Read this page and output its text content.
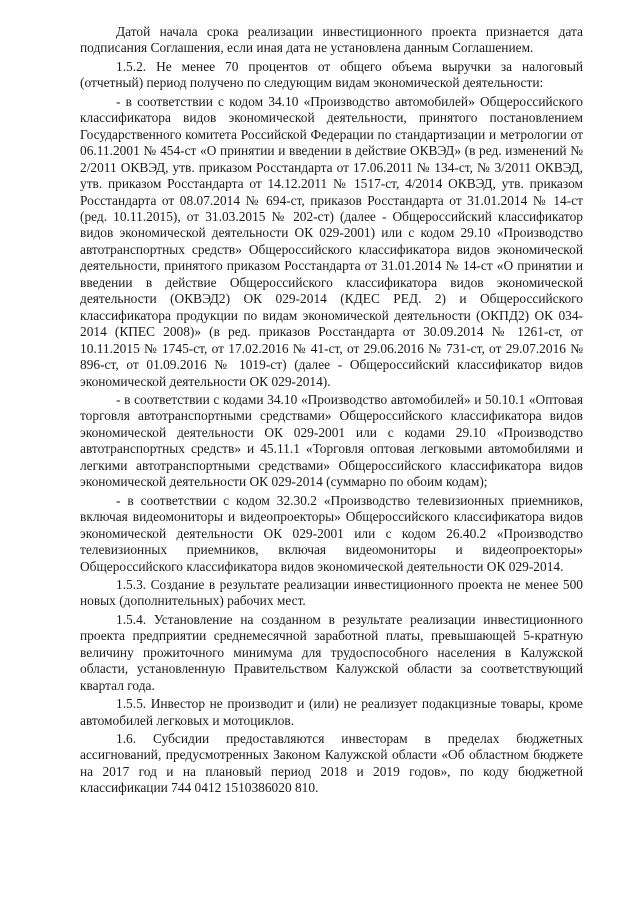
Датой начала срока реализации инвестиционного проекта признается дата подписания Соглашения, если иная дата не установлена данным Соглашением.

1.5.2. Не менее 70 процентов от общего объема выручки за налоговый (отчетный) период получено по следующим видам экономической деятельности:

- в соответствии с кодом 34.10 «Производство автомобилей» Общероссийского классификатора видов экономической деятельности, принятого постановлением Государственного комитета Российской Федерации по стандартизации и метрологии от 06.11.2001 № 454-ст «О принятии и введении в действие ОКВЭД» (в ред. изменений № 2/2011 ОКВЭД, утв. приказом Росстандарта от 17.06.2011 № 134-ст, № 3/2011 ОКВЭД, утв. приказом Росстандарта от 14.12.2011 № 1517-ст, 4/2014 ОКВЭД, утв. приказом Росстандарта от 08.07.2014 № 694-ст, приказов Росстандарта от 31.01.2014 № 14-ст (ред. 10.11.2015), от 31.03.2015 № 202-ст) (далее - Общероссийский классификатор видов экономической деятельности ОК 029-2001) или с кодом 29.10 «Производство автотранспортных средств» Общероссийского классификатора видов экономической деятельности, принятого приказом Росстандарта от 31.01.2014 № 14-ст «О принятии и введении в действие Общероссийского классификатора видов экономической деятельности (ОКВЭД2) ОК 029-2014 (КДЕС РЕД. 2) и Общероссийского классификатора продукции по видам экономической деятельности (ОКПД2) ОК 034-2014 (КПЕС 2008)» (в ред. приказов Росстандарта от 30.09.2014 № 1261-ст, от 10.11.2015 № 1745-ст, от 17.02.2016 № 41-ст, от 29.06.2016 № 731-ст, от 29.07.2016 № 896-ст, от 01.09.2016 № 1019-ст) (далее - Общероссийский классификатор видов экономической деятельности ОК 029-2014).

- в соответствии с кодами 34.10 «Производство автомобилей» и 50.10.1 «Оптовая торговля автотранспортными средствами» Общероссийского классификатора видов экономической деятельности ОК 029-2001 или с кодами 29.10 «Производство автотранспортных средств» и 45.11.1 «Торговля оптовая легковыми автомобилями и легкими автотранспортными средствами» Общероссийского классификатора видов экономической деятельности ОК 029-2014 (суммарно по обоим кодам);

- в соответствии с кодом 32.30.2 «Производство телевизионных приемников, включая видеомониторы и видеопроекторы» Общероссийского классификатора видов экономической деятельности ОК 029-2001 или с кодом 26.40.2 «Производство телевизионных приемников, включая видеомониторы и видеопроекторы» Общероссийского классификатора видов экономической деятельности ОК 029-2014.

1.5.3. Создание в результате реализации инвестиционного проекта не менее 500 новых (дополнительных) рабочих мест.

1.5.4. Установление на созданном в результате реализации инвестиционного проекта предприятии среднемесячной заработной платы, превышающей 5-кратную величину прожиточного минимума для трудоспособного населения в Калужской области, установленную Правительством Калужской области за соответствующий квартал года.

1.5.5. Инвестор не производит и (или) не реализует подакцизные товары, кроме автомобилей легковых и мотоциклов.

1.6. Субсидии предоставляются инвесторам в пределах бюджетных ассигнований, предусмотренных Законом Калужской области «Об областном бюджете на 2017 год и на плановый период 2018 и 2019 годов», по коду бюджетной классификации 744 0412 1510386020 810.
